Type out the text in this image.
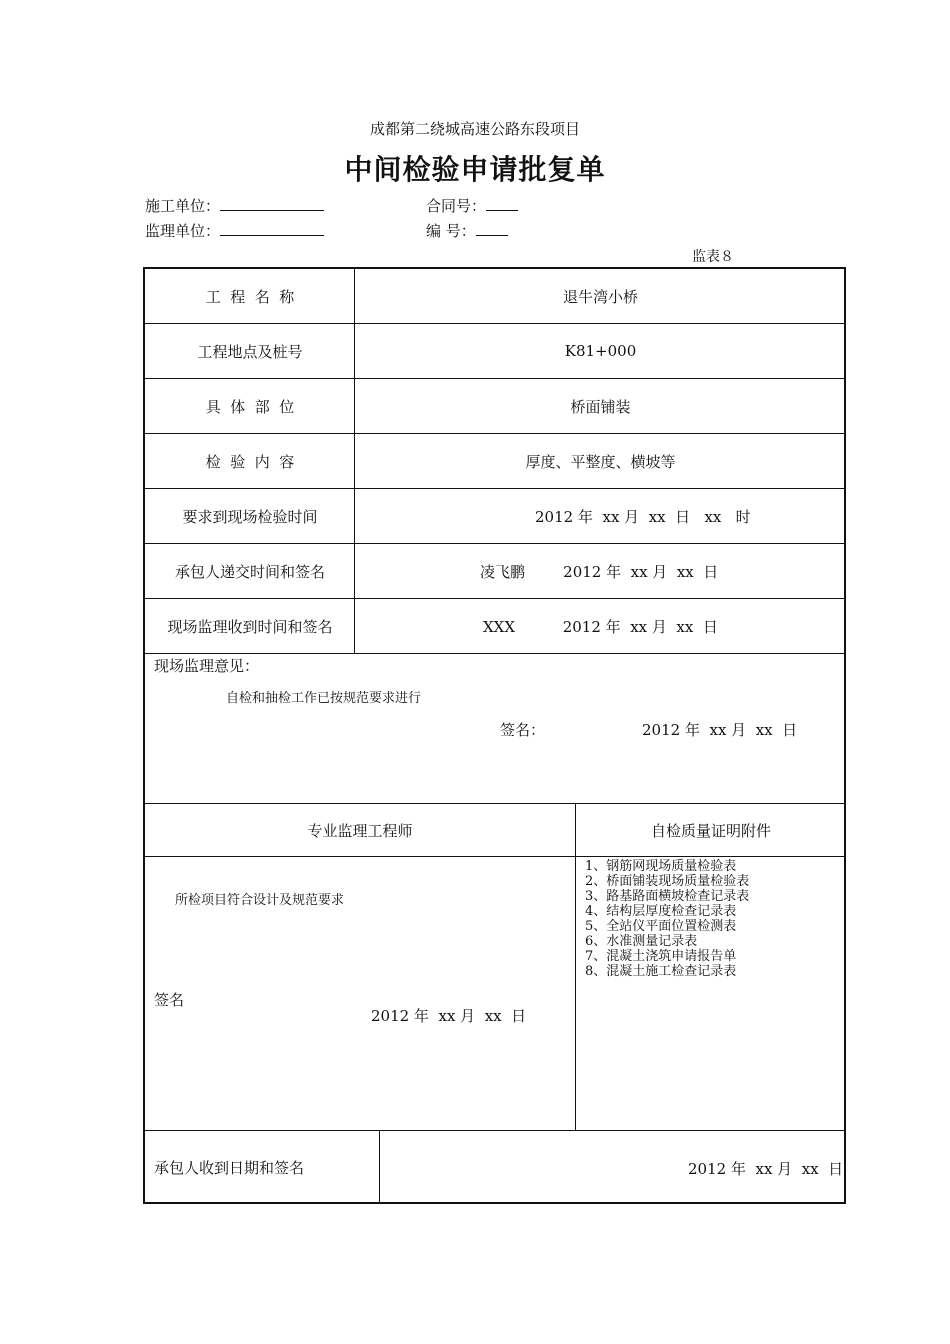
成都第二绕城高速公路东段项目
中间检验申请批复单
施工单位：	合同号：
监理单位：	编 号：
监表８
工  程  名  称	退牛湾小桥
工程地点及桩号	K81+000
具  体  部  位	桥面铺装
检  验  内  容	厚度、平整度、横坡等
要求到现场检验时间	2012 年  xx 月  xx  日   xx   时
承包人递交时间和签名	凌飞鹏        2012 年  xx 月  xx  日
现场监理收到时间和签名	XXX          2012 年  xx 月  xx  日
现场监理意见：
自检和抽检工作已按规范要求进行
签名：	2012 年  xx 月  xx  日
专业监理工程师	自检质量证明附件
所检项目符合设计及规范要求
签名
2012 年  xx 月  xx  日
1、钢筋网现场质量检验表
2、桥面铺装现场质量检验表
3、路基路面横坡检查记录表
4、结构层厚度检查记录表
5、全站仪平面位置检测表
6、水准测量记录表
7、混凝土浇筑申请报告单
8、混凝土施工检查记录表
承包人收到日期和签名	2012 年  xx 月  xx  日
